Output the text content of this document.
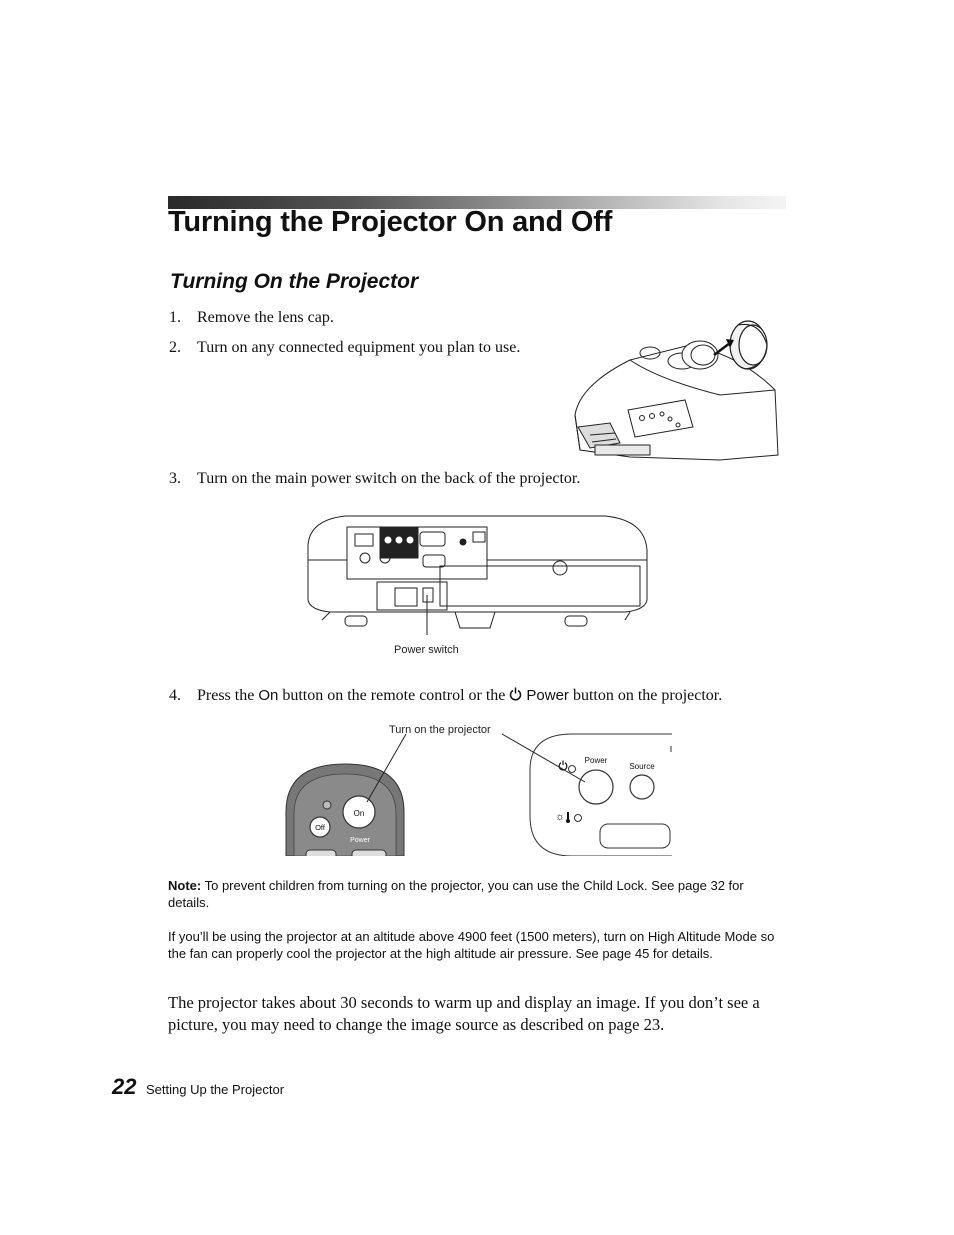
Turning the Projector On and Off
Turning On the Projector
1. Remove the lens cap.
2. Turn on any connected equipment you plan to use.
3. Turn on the main power switch on the back of the projector.
Power switch
4. Press the On button on the remote control or the Power button on the projector.
Turn on the projector
On
Off
Power
Power
Source
☼
Note: To prevent children from turning on the projector, you can use the Child Lock. See page 32 for details.
If you’ll be using the projector at an altitude above 4900 feet (1500 meters), turn on High Altitude Mode so the fan can properly cool the projector at the high altitude air pressure. See page 45 for details.
The projector takes about 30 seconds to warm up and display an image. If you don’t see a picture, you may need to change the image source as described on page 23.
22 Setting Up the Projector
